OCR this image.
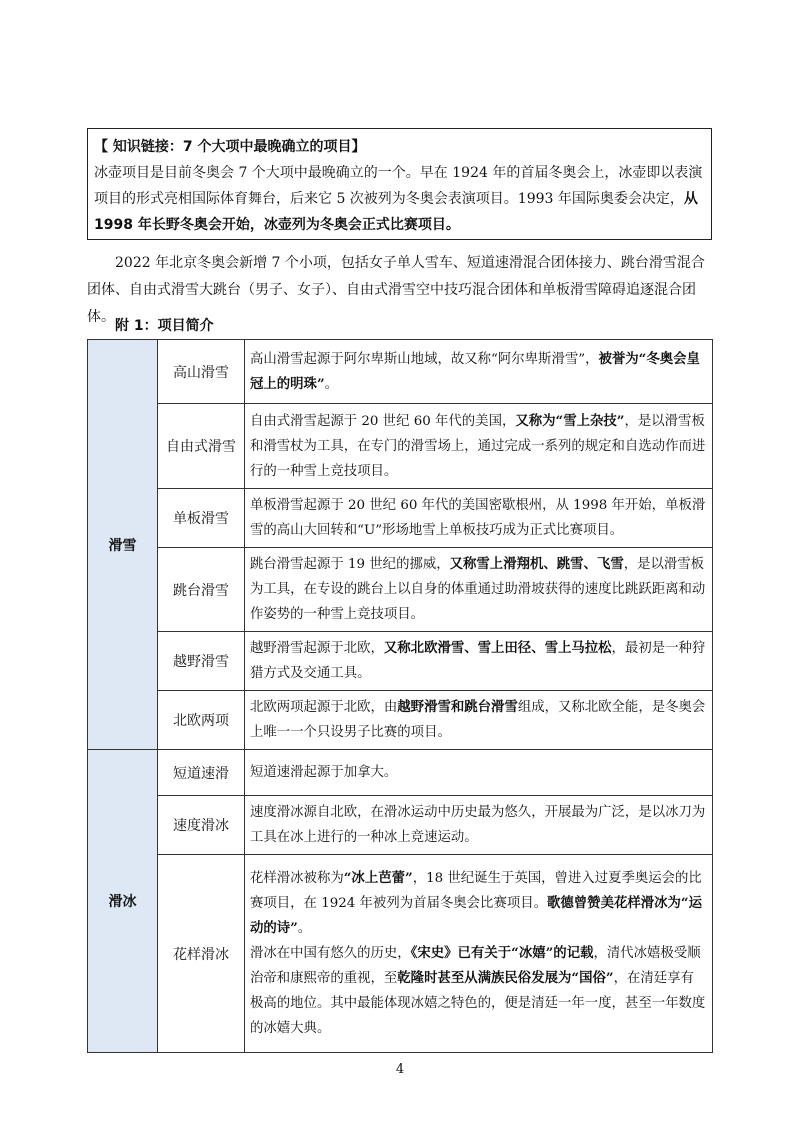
【 知识链接：7 个大项中最晚确立的项目】

冰壶项目是目前冬奥会 7 个大项中最晚确立的一个。早在 1924 年的首届冬奥会上，冰壶即以表演项目的形式亮相国际体育舞台，后来它 5 次被列为冬奥会表演项目。1993 年国际奥委会决定，从 1998 年长野冬奥会开始，冰壶列为冬奥会正式比赛项目。

2022 年北京冬奥会新增 7 个小项，包括女子单人雪车、短道速滑混合团体接力、跳台滑雪混合团体、自由式滑雪大跳台（男子、女子）、自由式滑雪空中技巧混合团体和单板滑雪障碍追逐混合团体。

附 1：项目简介

滑雪	高山滑雪	高山滑雪起源于阿尔卑斯山地域，故又称“阿尔卑斯滑雪”，被誉为“冬奥会皇冠上的明珠”。

	自由式滑雪	自由式滑雪起源于 20 世纪 60 年代的美国，又称为“雪上杂技”，是以滑雪板和滑雪杖为工具，在专门的滑雪场上，通过完成一系列的规定和自选动作而进行的一种雪上竞技项目。

	单板滑雪	单板滑雪起源于 20 世纪 60 年代的美国密歇根州，从 1998 年开始，单板滑雪的高山大回转和“U”形场地雪上单板技巧成为正式比赛项目。

	跳台滑雪	跳台滑雪起源于 19 世纪的挪威，又称雪上滑翔机、跳雪、飞雪，是以滑雪板为工具，在专设的跳台上以自身的体重通过助滑坡获得的速度比跳跃距离和动作姿势的一种雪上竞技项目。

	越野滑雪	越野滑雪起源于北欧，又称北欧滑雪、雪上田径、雪上马拉松，最初是一种狩猎方式及交通工具。

	北欧两项	北欧两项起源于北欧，由越野滑雪和跳台滑雪组成，又称北欧全能，是冬奥会上唯一一个只设男子比赛的项目。

滑冰	短道速滑	短道速滑起源于加拿大。

	速度滑冰	速度滑冰源自北欧，在滑冰运动中历史最为悠久，开展最为广泛，是以冰刀为工具在冰上进行的一种冰上竞速运动。

	花样滑冰	花样滑冰被称为“冰上芭蕾”，18 世纪诞生于英国，曾进入过夏季奥运会的比赛项目，在 1924 年被列为首届冬奥会比赛项目。歌德曾赞美花样滑冰为“运动的诗”。

滑冰在中国有悠久的历史，《宋史》已有关于“冰嬉”的记载，清代冰嬉极受顺治帝和康熙帝的重视，至乾隆时甚至从满族民俗发展为“国俗”，在清廷享有极高的地位。其中最能体现冰嬉之特色的，便是清廷一年一度，甚至一年数度的冰嬉大典。

4
